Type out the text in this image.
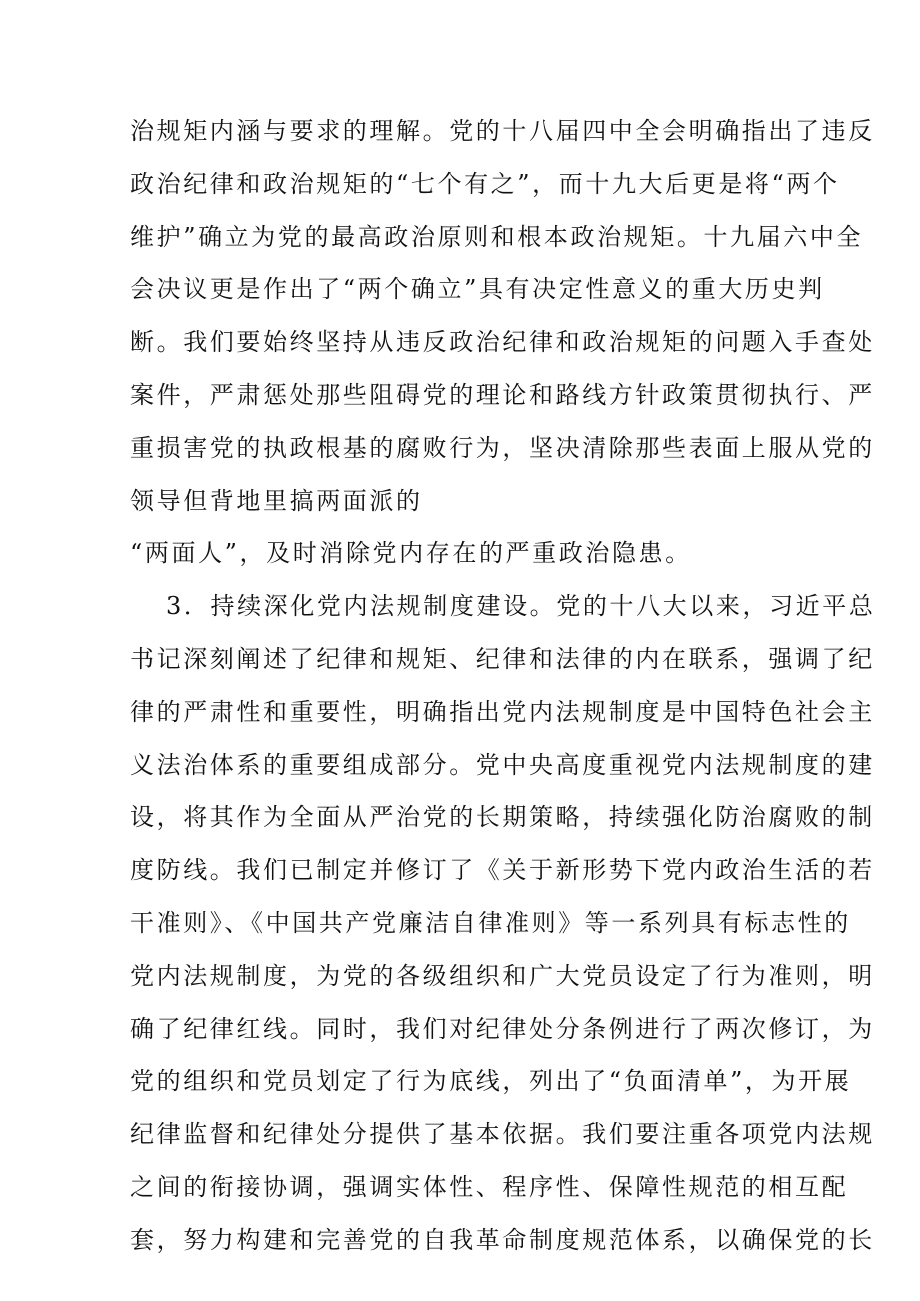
治规矩内涵与要求的理解。党的十八届四中全会明确指出了违反
政治纪律和政治规矩的“七个有之”，而十九大后更是将“两个
维护”确立为党的最高政治原则和根本政治规矩。十九届六中全
会决议更是作出了“两个确立”具有决定性意义的重大历史判
断。我们要始终坚持从违反政治纪律和政治规矩的问题入手查处
案件，严肃惩处那些阻碍党的理论和路线方针政策贯彻执行、严
重损害党的执政根基的腐败行为，坚决清除那些表面上服从党的
领导但背地里搞两面派的
“两面人”，及时消除党内存在的严重政治隐患。
3．持续深化党内法规制度建设。党的十八大以来，习近平总
书记深刻阐述了纪律和规矩、纪律和法律的内在联系，强调了纪
律的严肃性和重要性，明确指出党内法规制度是中国特色社会主
义法治体系的重要组成部分。党中央高度重视党内法规制度的建
设，将其作为全面从严治党的长期策略，持续强化防治腐败的制
度防线。我们已制定并修订了《关于新形势下党内政治生活的若
干准则》、《中国共产党廉洁自律准则》等一系列具有标志性的
党内法规制度，为党的各级组织和广大党员设定了行为准则，明
确了纪律红线。同时，我们对纪律处分条例进行了两次修订，为
党的组织和党员划定了行为底线，列出了“负面清单”，为开展
纪律监督和纪律处分提供了基本依据。我们要注重各项党内法规
之间的衔接协调，强调实体性、程序性、保障性规范的相互配
套，努力构建和完善党的自我革命制度规范体系，以确保党的长
